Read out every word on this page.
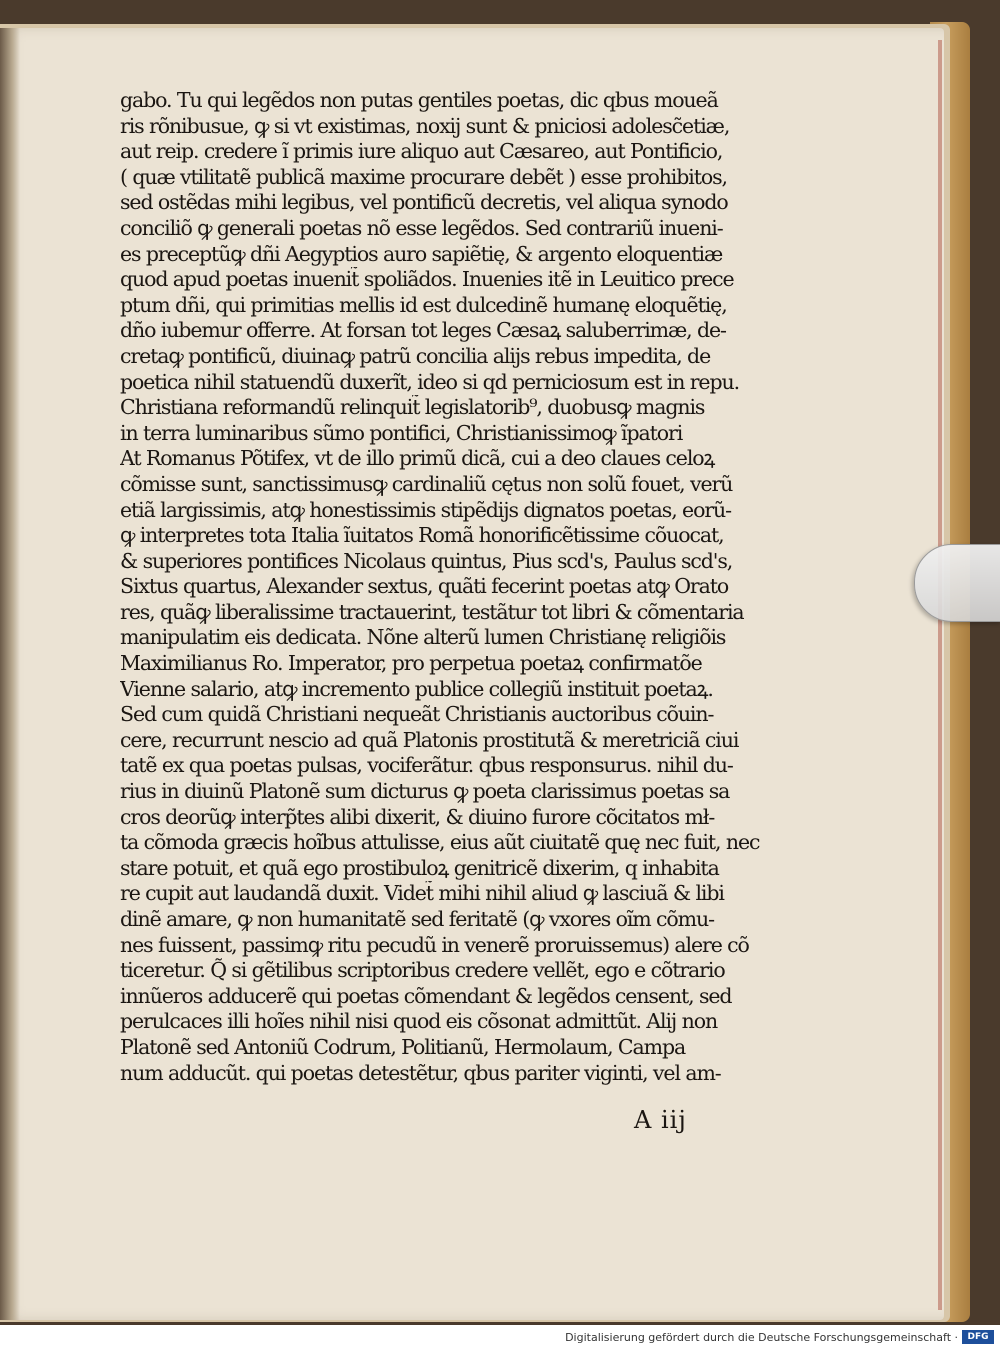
gabo. Tu qui legẽdos non putas gentiles poetas, dic qbus moueã
ris rõnibusue, ꝙ si vt existimas, noxij sunt & pniciosi adolesc̃etiæ,
aut reip. credere ĩ primis iure aliquo aut Cæsareo, aut Pontificio,
( quæ vtilitatẽ publicã maxime procurare debẽt ) esse prohibitos,
sed ostẽdas mihi legibus, vel pontificũ decretis, vel aliqua synodo
conciliõ ꝙ generali poetas nõ esse legẽdos. Sed contrariũ inueni-
es preceptũꝙ dñi Aegyptios auro sapiẽtię, & argento eloquentiæ
quod apud poetas inuenit̃ spoliãdos. Inuenies itẽ in Leuitico prece
ptum dñi, qui primitias mellis id est dulcedinẽ humanę eloquẽtię,
dño iubemur offerre. At forsan tot leges Cæsaꝝ saluberrimæ, de-
cretaꝙ pontificũ, diuinaꝙ patrũ concilia alijs rebus impedita, de
poetica nihil statuendũ duxerĩt, ideo si qd perniciosum est in repu.
Christiana reformandũ relinquit̃ legislatorib⁹, duobusꝙ magnis
in terra luminaribus sũmo pontifici, Christianissimoꝙ ĩpatori
At Romanus Põtifex, vt de illo primũ dicã, cui a deo claues celoꝝ
cõmisse sunt, sanctissimusꝙ cardinaliũ cętus non solũ fouet, verũ
etiã largissimis, atꝙ honestissimis stipẽdijs dignatos poetas, eorũ-
ꝙ interpretes tota Italia ĩuitatos Romã honorificẽtissime cõuocat,
& superiores pontifices Nicolaus quintus, Pius scd's, Paulus scd's,
Sixtus quartus, Alexander sextus, quãti fecerint poetas atꝙ Orato
res, quãꝙ liberalissime tractauerint, testãtur tot libri & cõmentaria
manipulatim eis dedicata. Nõne alterũ lumen Christianę religiõis
Maximilianus Ro. Imperator, pro perpetua poetaꝝ confirmatõe
Vienne salario, atꝙ incremento publice collegiũ instituit poetaꝝ.
Sed cum quidã Christiani nequeãt Christianis auctoribus cõuin-
cere, recurrunt nescio ad quã Platonis prostitutã & meretriciã ciui
tatẽ ex qua poetas pulsas, vociferãtur. qbus responsurus. nihil du-
rius in diuinũ Platonẽ sum dicturus ꝙ poeta clarissimus poetas sa
cros deorũꝙ interp̃tes alibi dixerit, & diuino furore cõcitatos mł-
ta cõmoda græcis hoĩbus attulisse, eius aũt ciuitatẽ quę nec fuit, nec
stare potuit, et quã ego prostibuloꝝ genitricẽ dixerim, q inhabita
re cupit aut laudandã duxit. Videt̃ mihi nihil aliud ꝙ lasciuã & libi
dinẽ amare, ꝙ non humanitatẽ sed feritatẽ (ꝙ vxores oĩm cõmu-
nes fuissent, passimꝙ ritu pecudũ in venerẽ proruissemus) alere cõ
ticeretur. Q̃ si gẽtilibus scriptoribus credere vellẽt, ego e cõtrario
innũeros adducerẽ qui poetas cõmendant & legẽdos censent, sed
perulcaces illi hoĩes nihil nisi quod eis cõsonat admittũt. Alij non
Platonẽ sed Antoniũ Codrum, Politianũ, Hermolaum, Campa
num adducũt. qui poetas detestẽtur, qbus pariter viginti, vel am-
A iij
Digitalisierung gefördert durch die Deutsche Forschungsgemeinschaft ·	DFG
